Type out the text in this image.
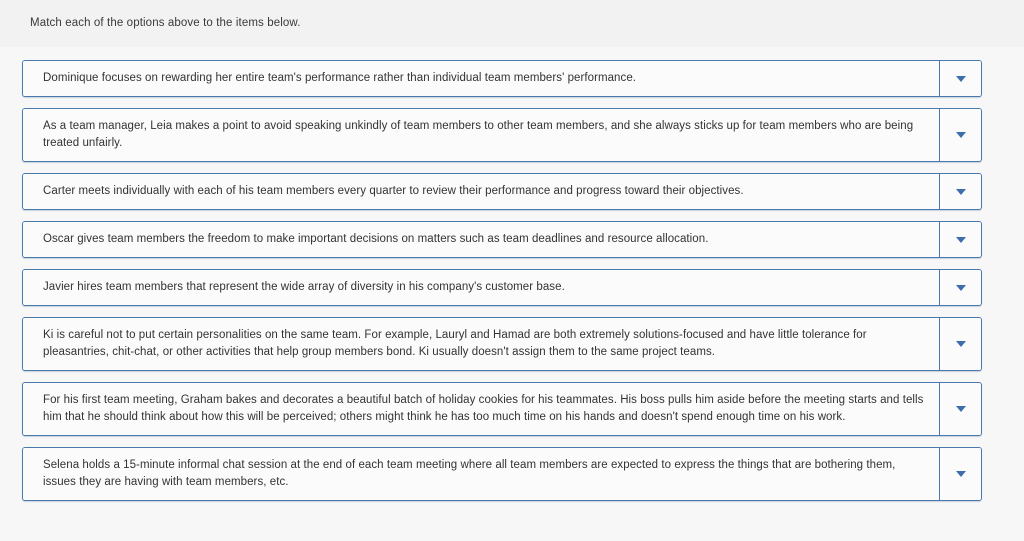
Match each of the options above to the items below.
Dominique focuses on rewarding her entire team's performance rather than individual team members' performance.
As a team manager, Leia makes a point to avoid speaking unkindly of team members to other team members, and she always sticks up for team members who are being treated unfairly.
Carter meets individually with each of his team members every quarter to review their performance and progress toward their objectives.
Oscar gives team members the freedom to make important decisions on matters such as team deadlines and resource allocation.
Javier hires team members that represent the wide array of diversity in his company's customer base.
Ki is careful not to put certain personalities on the same team. For example, Lauryl and Hamad are both extremely solutions-focused and have little tolerance for pleasantries, chit-chat, or other activities that help group members bond. Ki usually doesn't assign them to the same project teams.
For his first team meeting, Graham bakes and decorates a beautiful batch of holiday cookies for his teammates. His boss pulls him aside before the meeting starts and tells him that he should think about how this will be perceived; others might think he has too much time on his hands and doesn't spend enough time on his work.
Selena holds a 15-minute informal chat session at the end of each team meeting where all team members are expected to express the things that are bothering them, issues they are having with team members, etc.
